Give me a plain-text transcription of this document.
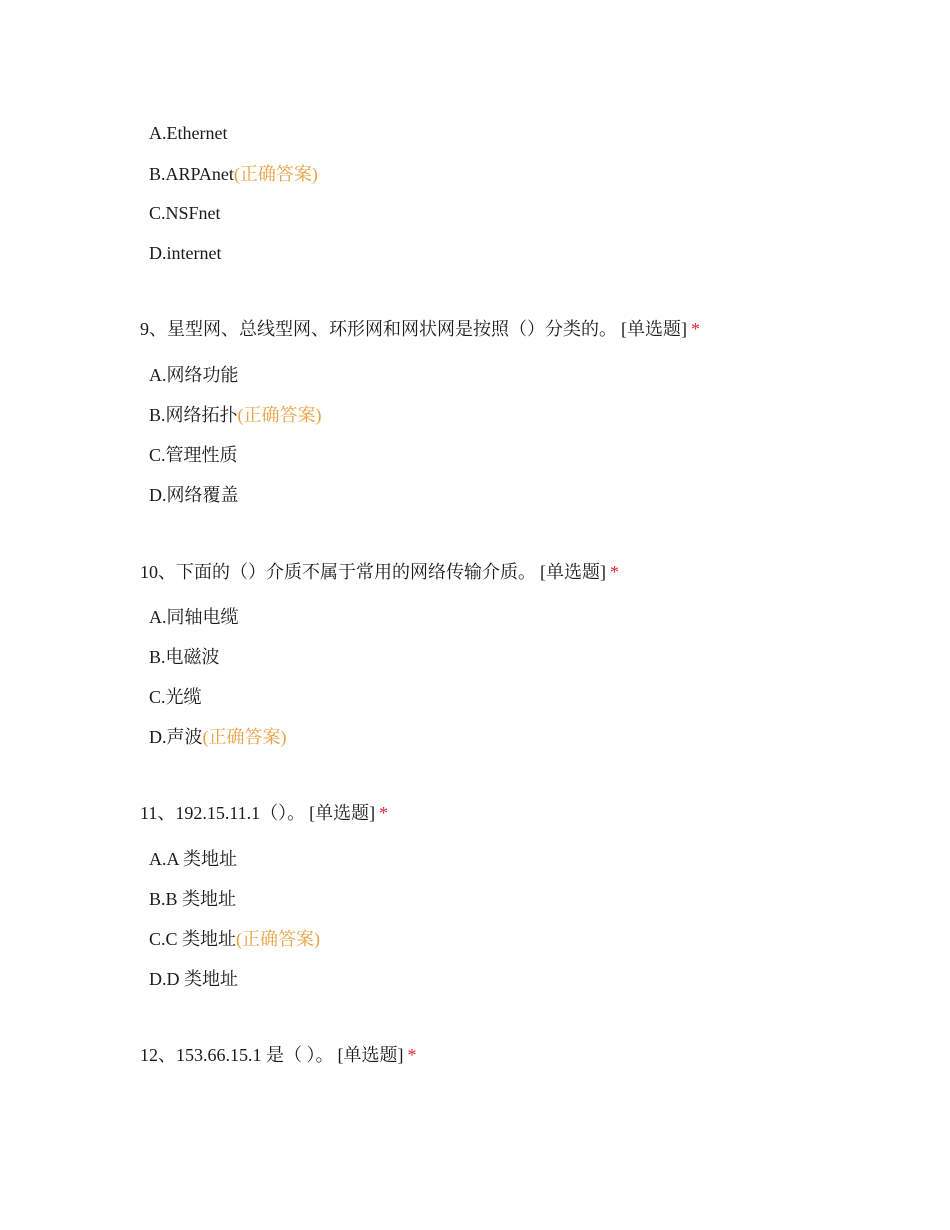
A.Ethernet
B.ARPAnet(正确答案)
C.NSFnet
D.internet
9、星型网、总线型网、环形网和网状网是按照（）分类的。 [单选题] *
A.网络功能
B.网络拓扑(正确答案)
C.管理性质
D.网络覆盖
10、下面的（）介质不属于常用的网络传输介质。 [单选题] *
A.同轴电缆
B.电磁波
C.光缆
D.声波(正确答案)
11、192.15.11.1（）。 [单选题] *
A.A 类地址
B.B 类地址
C.C 类地址(正确答案)
D.D 类地址
12、153.66.15.1 是（ ）。 [单选题] *
